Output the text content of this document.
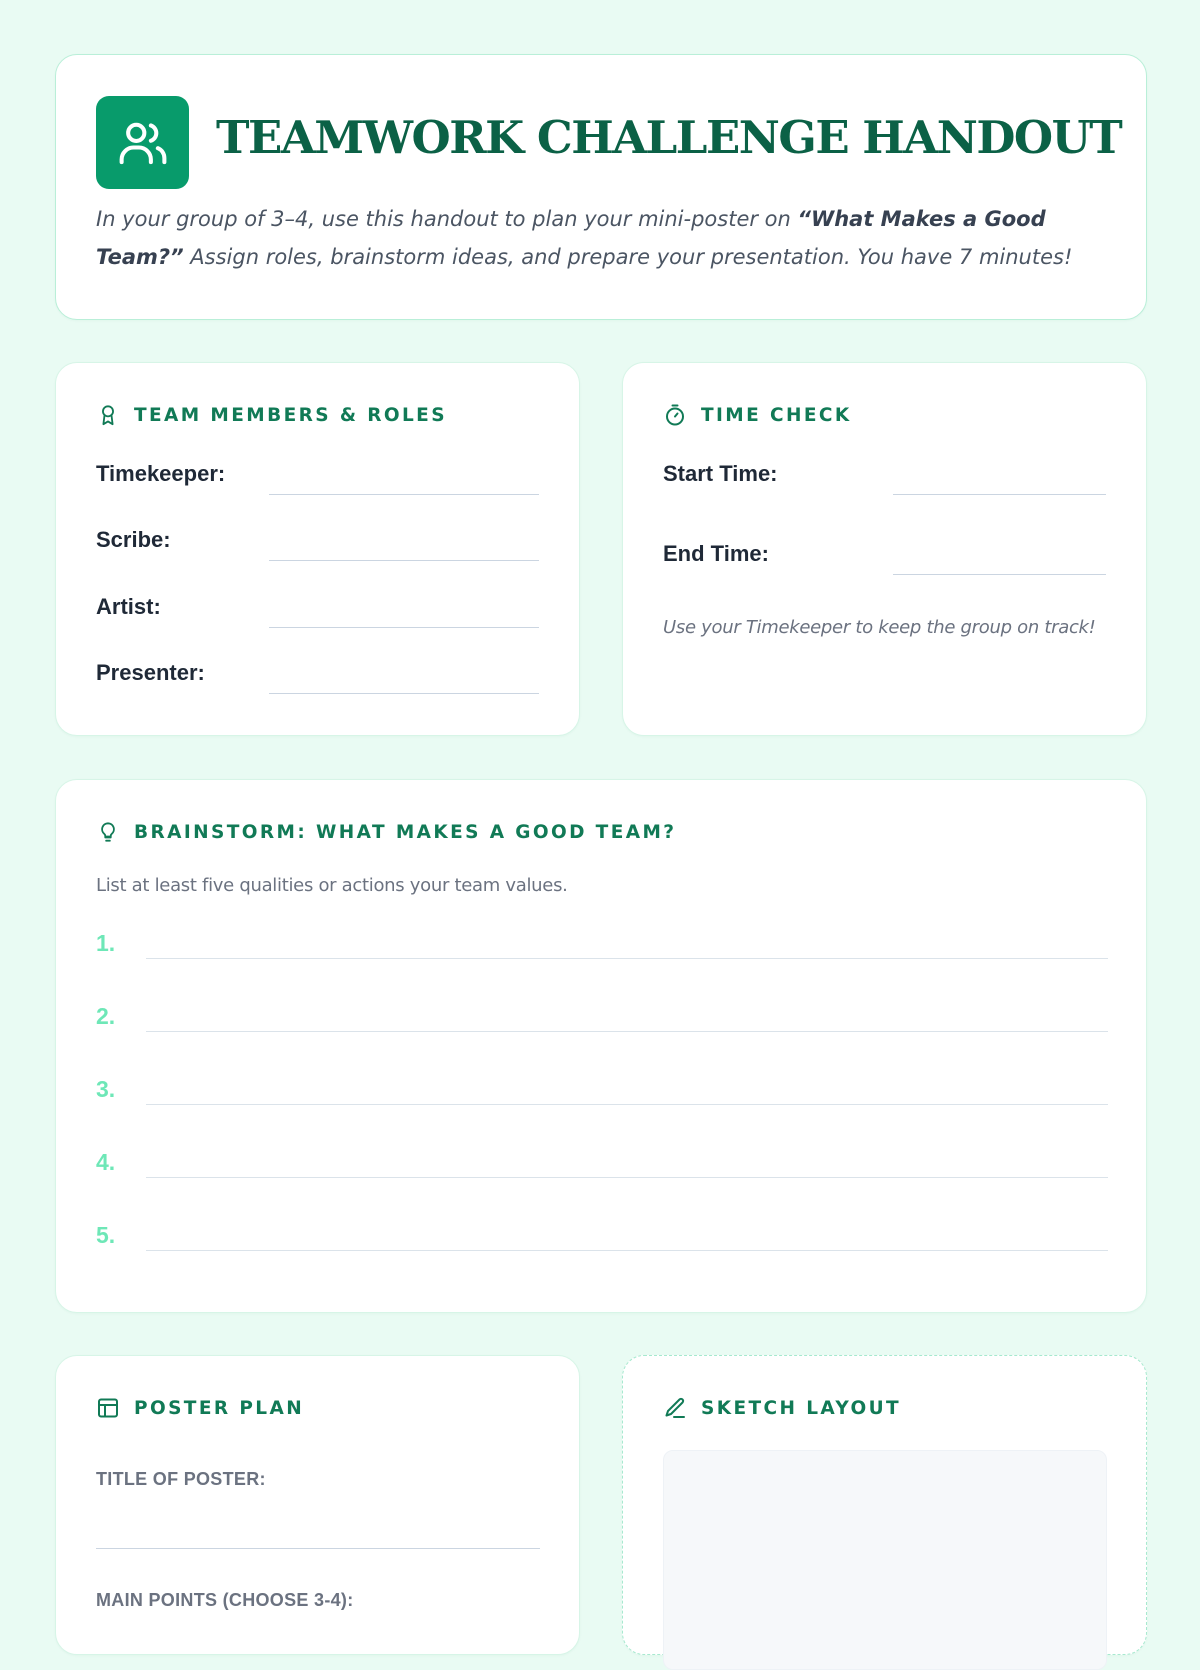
TEAMWORK CHALLENGE HANDOUT

In your group of 3–4, use this handout to plan your mini-poster on “What Makes a Good Team?” Assign roles, brainstorm ideas, and prepare your presentation. You have 7 minutes!

TEAM MEMBERS & ROLES
Timekeeper:
Scribe:
Artist:
Presenter:
TIME CHECK
Start Time:
End Time:
Use your Timekeeper to keep the group on track!
BRAINSTORM: WHAT MAKES A GOOD TEAM?
List at least five qualities or actions your team values.
1.
2.
3.
4.
5.
POSTER PLAN
TITLE OF POSTER:
MAIN POINTS (CHOOSE 3-4):
SKETCH LAYOUT
